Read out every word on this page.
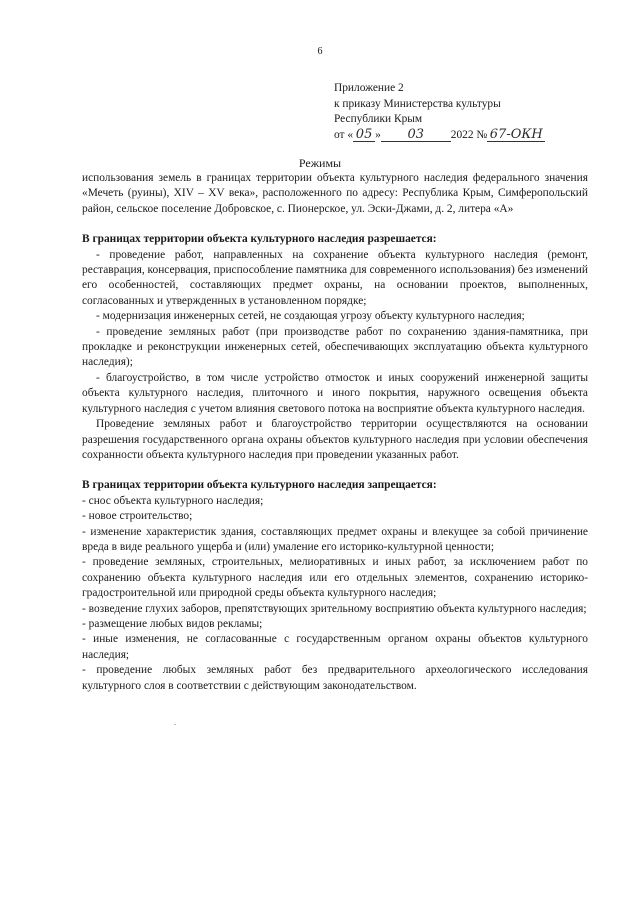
6
Приложение 2
к приказу Министерства культуры
Республики Крым
от « 05 » 03 2022 № 67-ОКН
Режимы

использования земель в границах территории объекта культурного наследия федерального значения «Мечеть (руины), XIV – XV века», расположенного по адресу: Республика Крым, Симферопольский район, сельское поселение Добровское, с. Пионерское, ул. Эски-Джами, д. 2, литера «А»

В границах территории объекта культурного наследия разрешается:

- проведение работ, направленных на сохранение объекта культурного наследия (ремонт, реставрация, консервация, приспособление памятника для современного использования) без изменений его особенностей, составляющих предмет охраны, на основании проектов, выполненных, согласованных и утвержденных в установленном порядке;

- модернизация инженерных сетей, не создающая угрозу объекту культурного наследия;

- проведение земляных работ (при производстве работ по сохранению здания-памятника, при прокладке и реконструкции инженерных сетей, обеспечивающих эксплуатацию объекта культурного наследия);

- благоустройство, в том числе устройство отмосток и иных сооружений инженерной защиты объекта культурного наследия, плиточного и иного покрытия, наружного освещения объекта культурного наследия с учетом влияния светового потока на восприятие объекта культурного наследия.

Проведение земляных работ и благоустройство территории осуществляются на основании разрешения государственного органа охраны объектов культурного наследия при условии обеспечения сохранности объекта культурного наследия при проведении указанных работ.

В границах территории объекта культурного наследия запрещается:

- снос объекта культурного наследия;

- новое строительство;

- изменение характеристик здания, составляющих предмет охраны и влекущее за собой причинение вреда в виде реального ущерба и (или) умаление его историко-культурной ценности;

- проведение земляных, строительных, мелиоративных и иных работ, за исключением работ по сохранению объекта культурного наследия или его отдельных элементов, сохранению историко-градостроительной или природной среды объекта культурного наследия;

- возведение глухих заборов, препятствующих зрительному восприятию объекта культурного наследия;

- размещение любых видов рекламы;

- иные изменения, не согласованные с государственным органом охраны объектов культурного наследия;

- проведение любых земляных работ без предварительного археологического исследования культурного слоя в соответствии с действующим законодательством.
